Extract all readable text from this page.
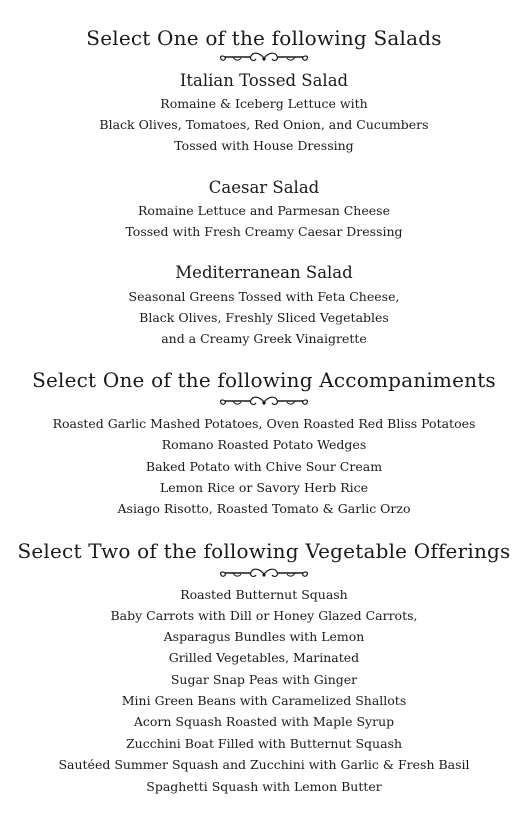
Select One of the following Salads
Italian Tossed Salad
Romaine & Iceberg Lettuce with
Black Olives, Tomatoes, Red Onion, and Cucumbers
Tossed with House Dressing
Caesar Salad
Romaine Lettuce and Parmesan Cheese
Tossed with Fresh Creamy Caesar Dressing
Mediterranean Salad
Seasonal Greens Tossed with Feta Cheese,
Black Olives, Freshly Sliced Vegetables
and a Creamy Greek Vinaigrette
Select One of the following Accompaniments
Roasted Garlic Mashed Potatoes, Oven Roasted Red Bliss Potatoes
Romano Roasted Potato Wedges
Baked Potato with Chive Sour Cream
Lemon Rice or Savory Herb Rice
Asiago Risotto, Roasted Tomato & Garlic Orzo
Select Two of the following Vegetable Offerings
Roasted Butternut Squash
Baby Carrots with Dill or Honey Glazed Carrots,
Asparagus Bundles with Lemon
Grilled Vegetables, Marinated
Sugar Snap Peas with Ginger
Mini Green Beans with Caramelized Shallots
Acorn Squash Roasted with Maple Syrup
Zucchini Boat Filled with Butternut Squash
Sautéed Summer Squash and Zucchini with Garlic & Fresh Basil
Spaghetti Squash with Lemon Butter
